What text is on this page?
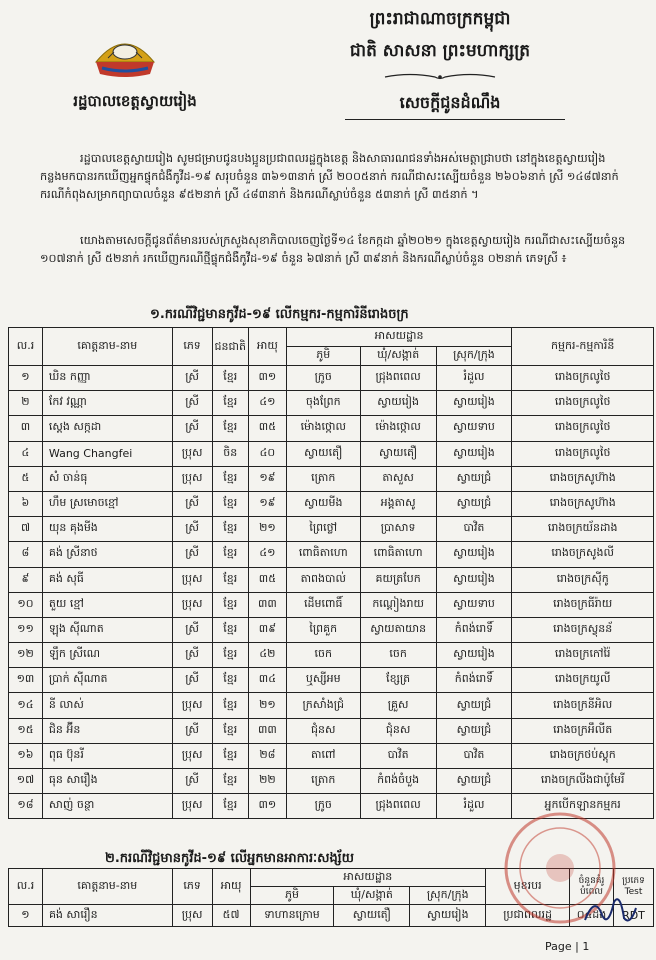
ព្រះរាជាណាចក្រកម្ពុជា
ជាតិ សាសនា ព្រះមហាក្សត្រ
រដ្ឋបាលខេត្តស្វាយរៀង	សេចក្តីជូនដំណឹង
រដ្ឋបាលខេត្តស្វាយរៀង សូមជម្រាបជូនបងប្អូនប្រជាពលរដ្ឋក្នុងខេត្ត និងសាធារណជនទាំងអស់មេត្តាជ្រាបថា នៅក្នុងខេត្តស្វាយរៀងកន្លងមកបានរកឃើញអ្នកផ្ទុកជំងឺកូវីដ-១៩ សរុបចំនួន ៣៦១៣នាក់ ស្រី ២០០៥នាក់ ករណីជាសះស្បើយចំនួន ២៦០៦នាក់ ស្រី ១៤៨៧នាក់ ករណីកំពុងសម្រាកព្យាបាលចំនួន ៩៥២នាក់ ស្រី ៤៨៣នាក់ និងករណីស្លាប់ចំនួន ៥៣នាក់ ស្រី ៣៥នាក់ ។
យោងតាមសេចក្តីជូនព័ត៌មានរបស់ក្រសួងសុខាភិបាលចេញថ្ងៃទី១៤ ខែកក្កដា ឆ្នាំ២០២១ ក្នុងខេត្តស្វាយរៀង ករណីជាសះស្បើយចំនួន ១០៧នាក់ ស្រី ៥២នាក់ រកឃើញករណីថ្មីផ្ទុកជំងឺកូវីដ-១៩ ចំនួន ៦៧នាក់ ស្រី ៣៩នាក់ និងករណីស្លាប់ចំនួន ០២នាក់ ភេទស្រី ៖
១.ករណីវិជ្ជមានកូវីដ-១៩ លើកម្មករ-កម្មការិនីរោងចក្រ
ល.រ	គោត្តនាម-នាម	ភេទ	ជនជាតិ	អាយុ	អាសយដ្ឋាន			កម្មករ-កម្មការិនី
					ភូមិ	ឃុំ/សង្កាត់	ស្រុក/ក្រុង	
១	ឃិន កញ្ញា	ស្រី	ខ្មែរ	៣១	ក្រូច	ជ្រុងពពេល	រំដួល	រោងចក្រលូថៃ
២	កែវ វណ្ណា	ស្រី	ខ្មែរ	៤១	ចុងព្រែក	ស្វាយរៀង	ស្វាយរៀង	រោងចក្រលូថៃ
៣	ស្តេង សក្កដា	ស្រី	ខ្មែរ	៣៥	ម៉ោងថ្កោល	ម៉ោងថ្កោល	ស្វាយទាប	រោងចក្រលូថៃ
៤	Wang Changfei	ប្រុស	ចិន	៤០	ស្វាយតឿ	ស្វាយតឿ	ស្វាយរៀង	រោងចក្រលូថៃ
៥	សំ ចាន់ធុ	ប្រុស	ខ្មែរ	១៩	ត្រោក	តាសួស	ស្វាយជ្រំ	រោងចក្រសូហ៊ាង
៦	ហឹម ស្រមោចខ្មៅ	ស្រី	ខ្មែរ	១៩	ស្វាយមីង	អង្គតាសូ	ស្វាយជ្រំ	រោងចក្រសូហ៊ាង
៧	យុន គុងមីង	ស្រី	ខ្មែរ	២១	ព្រៃថ្លៅ	ប្រាសាទ	បាវិត	រោងចក្រយ័នដាង
៨	គង់ ស្រីនាថ	ស្រី	ខ្មែរ	៤១	ពោធិតាហោ	ពោធិតាហោ	ស្វាយរៀង	រោងចក្រសូងលី
៩	គង់ សុធី	ប្រុស	ខ្មែរ	៣៥	តាពងបាល់	គយត្របែក	ស្វាយរៀង	រោងចក្រស៊ីកូ
១០	តួយ ខ្មៅ	ប្រុស	ខ្មែរ	៣៣	ដើមពោធិ៍	កណ្តៀងរាយ	ស្វាយទាប	រោងចក្រធីរ៉ាយ
១១	ឡុង ស៊ីណាត	ស្រី	ខ្មែរ	៣៩	ព្រៃគួក	ស្វាយតាយាន	កំពង់រោទិ៍	រោងចក្រស្វុនន័
១២	ឡឹក ស្រីណេ	ស្រី	ខ្មែរ	៤២	ចេក	ចេក	ស្វាយរៀង	រោងចក្រកៅរ៉ៃ
១៣	ប្រាក់ ស៊ីណាត	ស្រី	ខ្មែរ	៣៤	ឬស្សីអម	ខ្សែត្រ	កំពង់រោទិ៍	រោងចក្រយូលី
១៤	នី លាស់	ប្រុស	ខ្មែរ	២១	ក្រសាំងជ្រំ	គ្រួស	ស្វាយជ្រំ	រោងចក្រនីអិល
១៥	ជិន អ៊ីន	ស្រី	ខ្មែរ	៣៣	ជុំនស	ជុំនស	ស្វាយជ្រំ	រោងចក្រអឹលីត
១៦	ពុធ ប៊ុនរី	ប្រុស	ខ្មែរ	២៨	តាពៅ	បាវិត	បាវិត	រោងចក្រថប់ស្តុក
១៧	ធុន សារឿង	ស្រី	ខ្មែរ	២២	ត្រោក	កំពង់ចំបួង	ស្វាយជ្រំ	រោងចក្រលីងជាប៉ូមែរី
១៨	សាញ់ ចន្ថា	ប្រុស	ខ្មែរ	៣១	ក្រូច	ជ្រុងពពេល	រំដួល	អ្នកបើកឡានកម្មករ
២.ករណីវិជ្ជមានកូវីដ-១៩ លើអ្នកមានអាការៈសង្ស័យ
ល.រ	គោត្តនាម-នាម	ភេទ	អាយុ	អាសយដ្ឋាន			មុខរបរ	ចំនួនគំរូបំពេល	ប្រភេទ Test
				ភូមិ	ឃុំ/សង្កាត់	ស្រុក/ក្រុង			
១	គង់ សារឿន	ប្រុស	៥៧	ទាហានក្រោម	ស្វាយតឿ	ស្វាយរៀង	ប្រជាពលរដ្ឋ	០៤ដង	RDT
Page | 1
